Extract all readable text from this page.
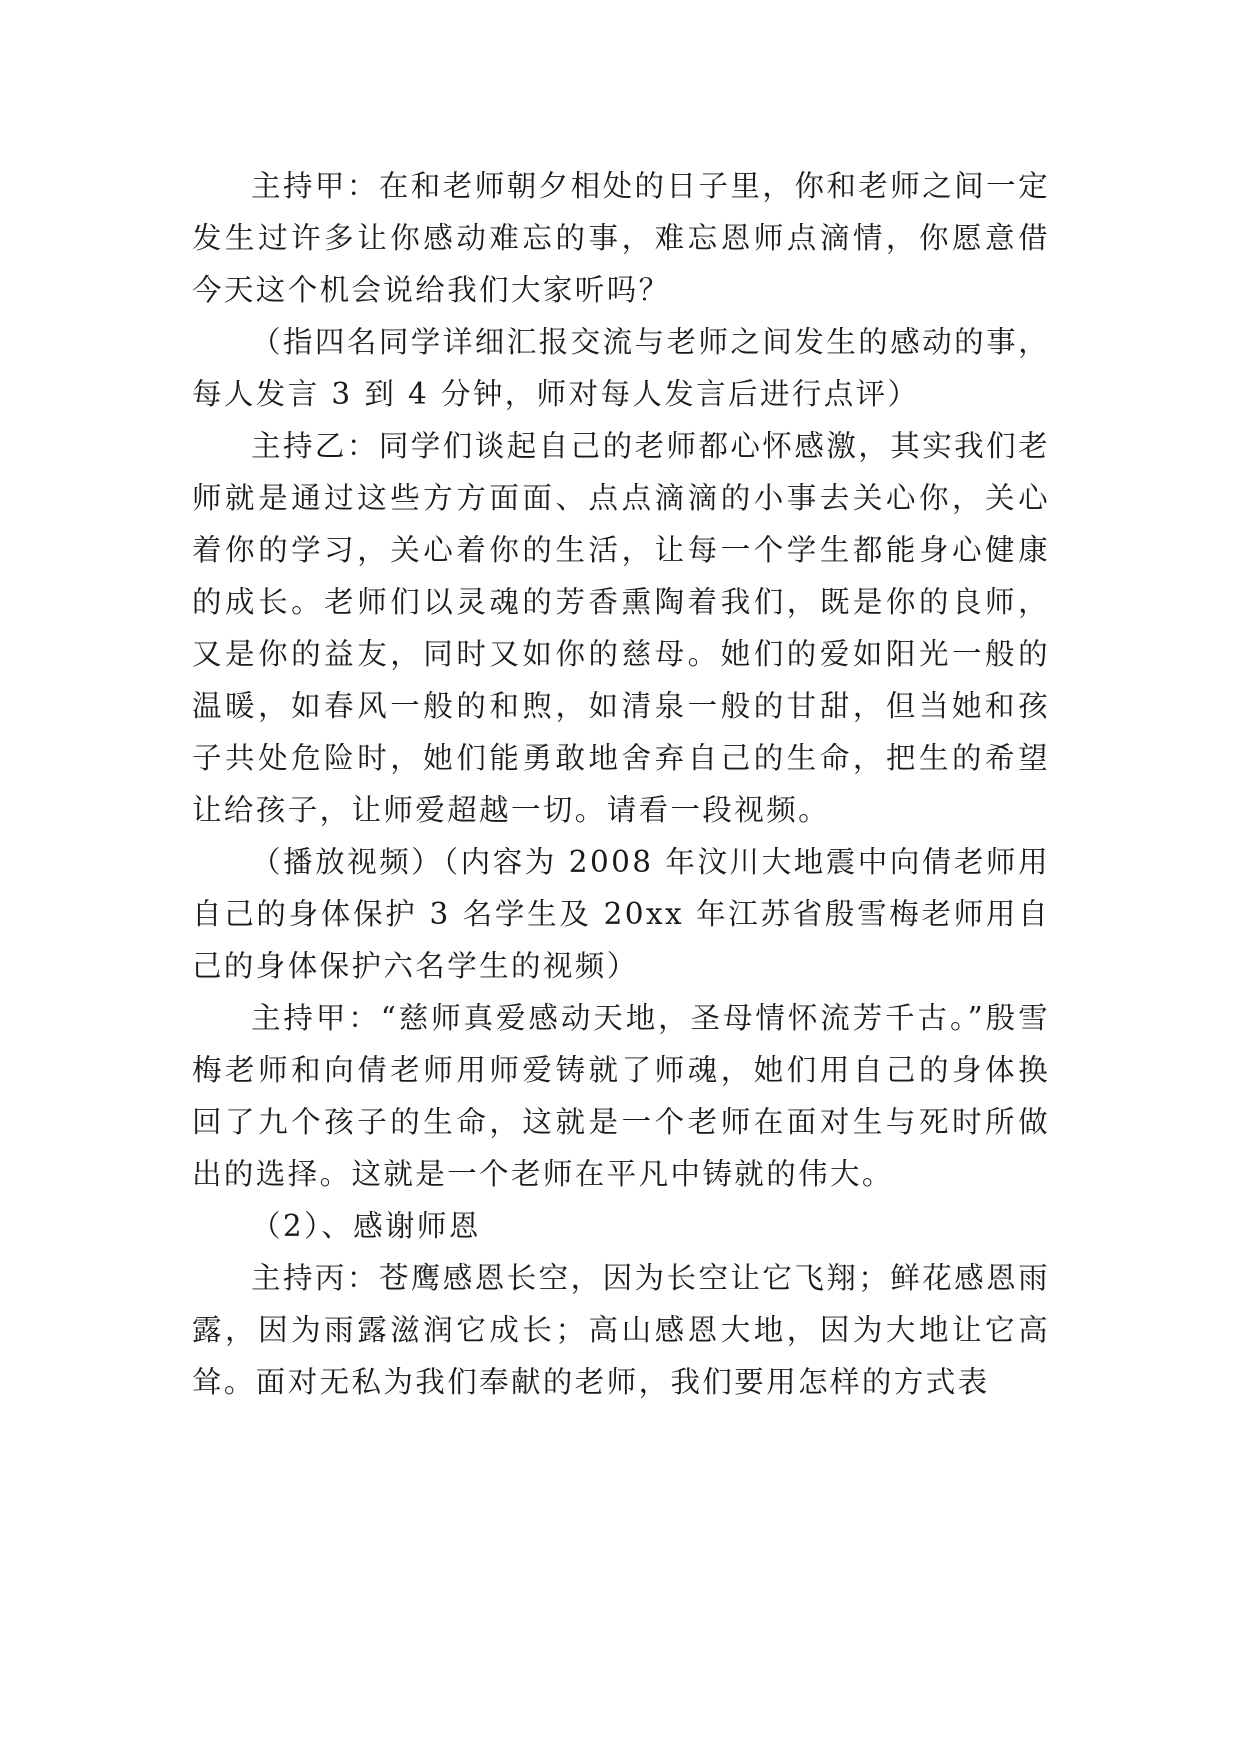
主持甲：在和老师朝夕相处的日子里，你和老师之间一定发生过许多让你感动难忘的事，难忘恩师点滴情，你愿意借今天这个机会说给我们大家听吗？

（指四名同学详细汇报交流与老师之间发生的感动的事，每人发言 3 到 4 分钟，师对每人发言后进行点评）

主持乙：同学们谈起自己的老师都心怀感激，其实我们老师就是通过这些方方面面、点点滴滴的小事去关心你，关心着你的学习，关心着你的生活，让每一个学生都能身心健康的成长。老师们以灵魂的芳香熏陶着我们，既是你的良师，又是你的益友，同时又如你的慈母。她们的爱如阳光一般的温暖，如春风一般的和煦，如清泉一般的甘甜，但当她和孩子共处危险时，她们能勇敢地舍弃自己的生命，把生的希望让给孩子，让师爱超越一切。请看一段视频。

（播放视频）（内容为 2008 年汶川大地震中向倩老师用自己的身体保护 3 名学生及 20xx 年江苏省殷雪梅老师用自己的身体保护六名学生的视频）

主持甲：“慈师真爱感动天地，圣母情怀流芳千古。”殷雪梅老师和向倩老师用师爱铸就了师魂，她们用自己的身体换回了九个孩子的生命，这就是一个老师在面对生与死时所做出的选择。这就是一个老师在平凡中铸就的伟大。

（2）、感谢师恩

主持丙：苍鹰感恩长空，因为长空让它飞翔；鲜花感恩雨露，因为雨露滋润它成长；高山感恩大地，因为大地让它高耸。面对无私为我们奉献的老师，我们要用怎样的方式表
